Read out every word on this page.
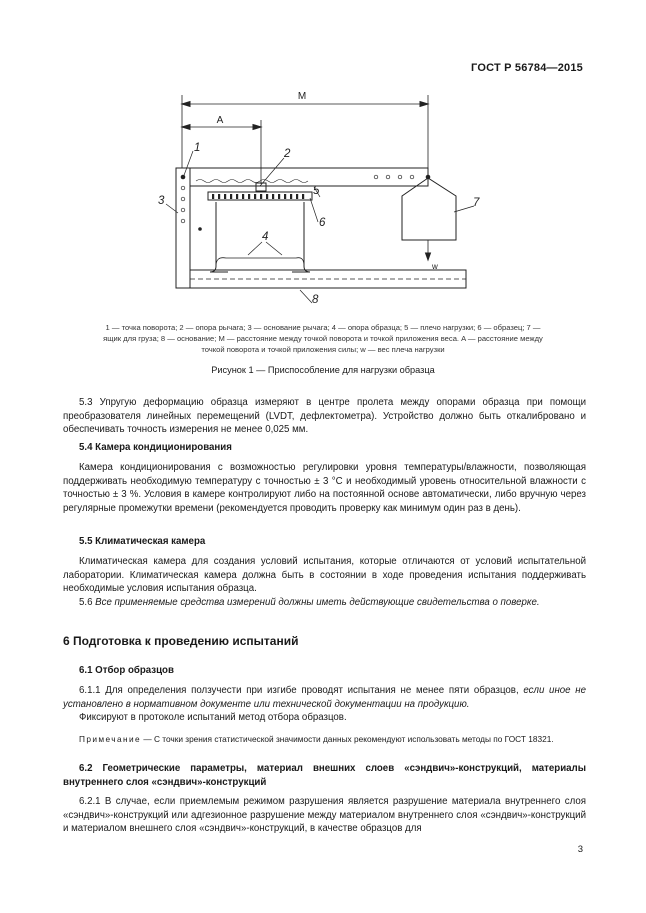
ГОСТ Р 56784—2015
M
A
w
1	2
3
4
5
6
7
8
1 — точка поворота; 2 — опора рычага; 3 — основание рычага; 4 — опора образца; 5 — плечо нагрузки; 6 — образец; 7 —
ящик для груза; 8 — основание; M — расстояние между точкой поворота и точкой приложения веса. A — расстояние между
точкой поворота и точкой приложения силы; w — вес плеча нагрузки
Рисунок 1 — Приспособление для нагрузки образца

5.3 Упругую деформацию образца измеряют в центре пролета между опорами образца при помощи преобразователя линейных перемещений (LVDT, дефлектометра). Устройство должно быть откалибровано и обеспечивать точность измерения не менее 0,025 мм.

5.4 Камера кондиционирования

Камера кондиционирования с возможностью регулировки уровня температуры/влажности, позволяющая поддерживать необходимую температуру с точностью ± 3 °С и необходимый уровень относительной влажности с точностью ± 3 %. Условия в камере контролируют либо на постоянной основе автоматически, либо вручную через регулярные промежутки времени (рекомендуется проводить проверку как минимум один раз в день).

5.5 Климатическая камера

Климатическая камера для создания условий испытания, которые отличаются от условий испытательной лаборатории. Климатическая камера должна быть в состоянии в ходе проведения испытания поддерживать необходимые условия испытания образца.

5.6 Все применяемые средства измерений должны иметь действующие свидетельства о поверке.

6 Подготовка к проведению испытаний
6.1 Отбор образцов

6.1.1 Для определения ползучести при изгибе проводят испытания не менее пяти образцов, если иное не установлено в нормативном документе или технической документации на продукцию.

Фиксируют в протоколе испытаний метод отбора образцов.

Примечание — С точки зрения статистической значимости данных рекомендуют использовать методы по ГОСТ 18321.

6.2 Геометрические параметры, материал внешних слоев «сэндвич»-конструкций, материалы внутреннего слоя «сэндвич»-конструкций

6.2.1 В случае, если приемлемым режимом разрушения является разрушение материала внутреннего слоя «сэндвич»-конструкций или адгезионное разрушение между материалом внутреннего слоя «сэндвич»-конструкций и материалом внешнего слоя «сэндвич»-конструкций, в качестве образцов для

3
